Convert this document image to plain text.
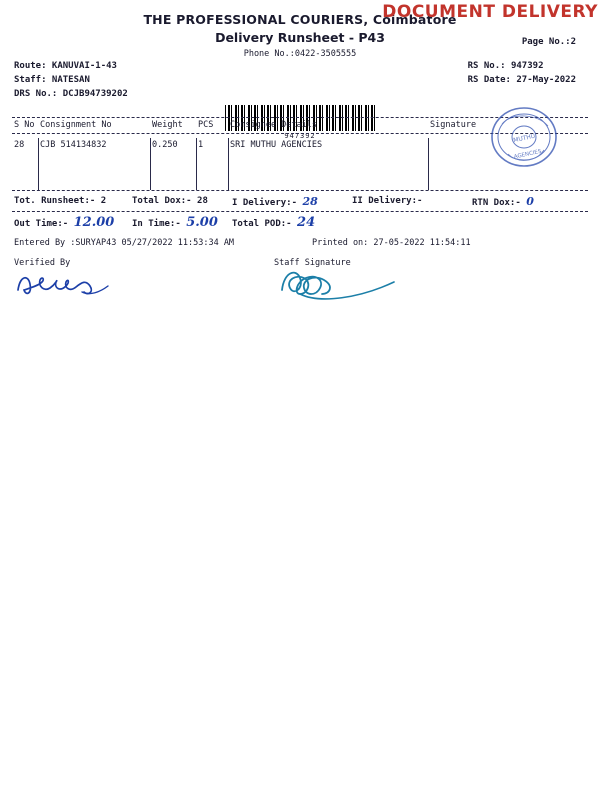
DOCUMENT DELIVERY
THE PROFESSIONAL COURIERS, Coimbatore
Delivery Runsheet - P43
Phone No.:0422-3505555
Page No.:2
Route: KANUVAI-1-43
Staff: NATESAN
DRS No.: DCJB94739202
RS No.: 947392
RS Date: 27-May-2022
947392
S No Consignment No	Weight	PCS	Consignee Details	Signature
28	CJB 514134832	0.250	1	SRI MUTHU AGENCIES
MUTHU
AGENCIES
Tot. Runsheet:- 2	Total Dox:- 28	I Delivery:- 28	II Delivery:-	RTN Dox:- 0
Out Time:- 12.00	In Time:- 5.00	Total POD:- 24
Entered By :SURYAP43 05/27/2022 11:53:34 AM	Printed on: 27-05-2022 11:54:11
Verified By	Staff Signature
